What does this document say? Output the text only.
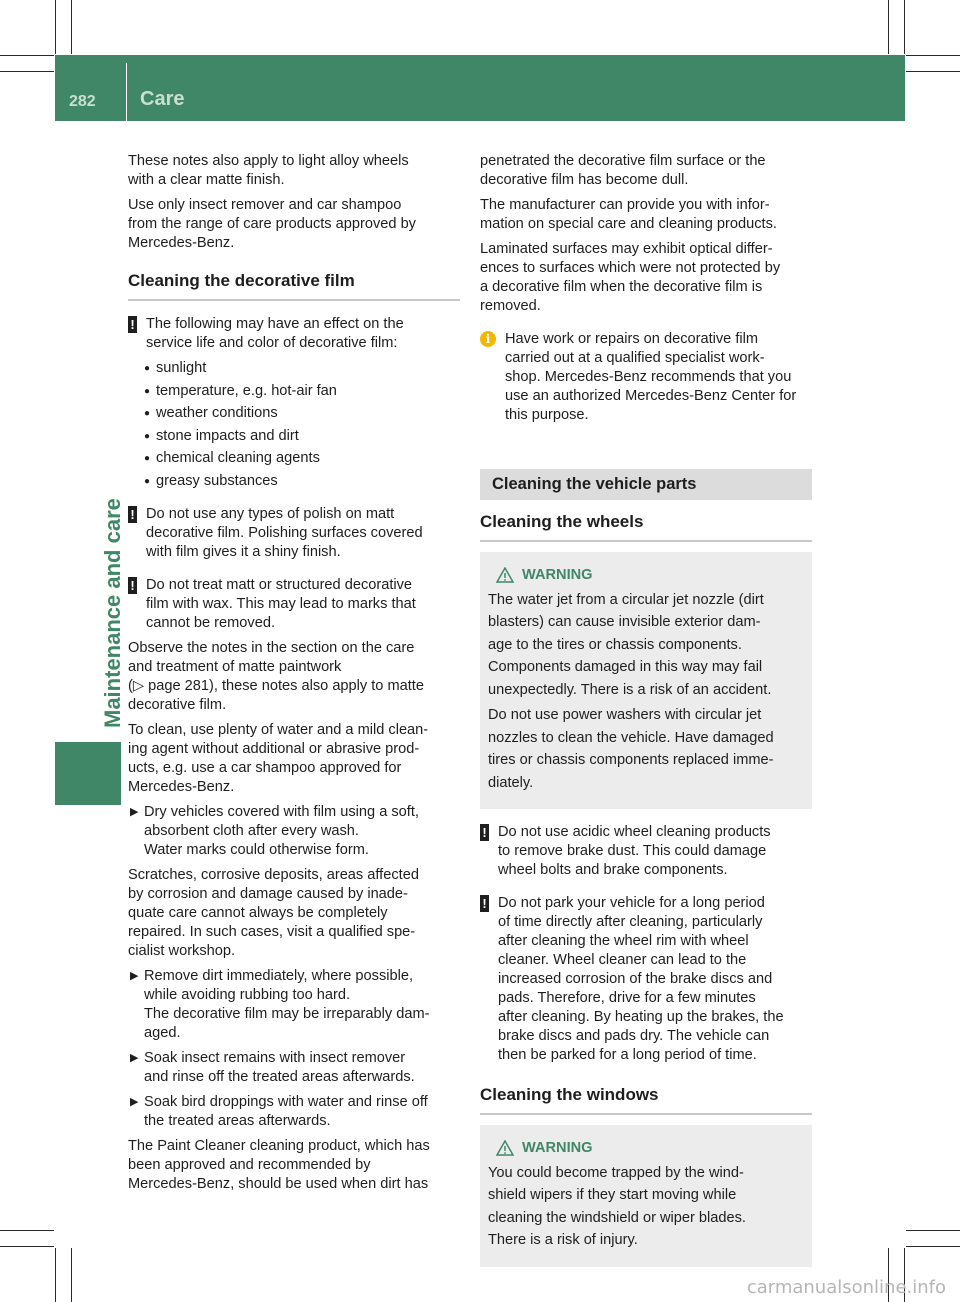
282 Care
Maintenance and care

These notes also apply to light alloy wheels
with a clear matte finish.

Use only insect remover and car shampoo
from the range of care products approved by
Mercedes-Benz.

Cleaning the decorative film
! The following may have an effect on the
service life and color of decorative film:
● sunlight
● temperature, e.g. hot-air fan
● weather conditions
● stone impacts and dirt
● chemical cleaning agents
● greasy substances
! Do not use any types of polish on matt
decorative film. Polishing surfaces covered
with film gives it a shiny finish.
! Do not treat matt or structured decorative
film with wax. This may lead to marks that
cannot be removed.

Observe the notes in the section on the care
and treatment of matte paintwork
(▷ page 281), these notes also apply to matte
decorative film.

To clean, use plenty of water and a mild clean-
ing agent without additional or abrasive prod-
ucts, e.g. use a car shampoo approved for
Mercedes-Benz.

▶ Dry vehicles covered with film using a soft,
absorbent cloth after every wash.
Water marks could otherwise form.

Scratches, corrosive deposits, areas affected
by corrosion and damage caused by inade-
quate care cannot always be completely
repaired. In such cases, visit a qualified spe-
cialist workshop.

▶ Remove dirt immediately, where possible,
while avoiding rubbing too hard.
The decorative film may be irreparably dam-
aged.
▶ Soak insect remains with insect remover
and rinse off the treated areas afterwards.
▶ Soak bird droppings with water and rinse off
the treated areas afterwards.

The Paint Cleaner cleaning product, which has
been approved and recommended by
Mercedes-Benz, should be used when dirt has

penetrated the decorative film surface or the
decorative film has become dull.

The manufacturer can provide you with infor-
mation on special care and cleaning products.

Laminated surfaces may exhibit optical differ-
ences to surfaces which were not protected by
a decorative film when the decorative film is
removed.

i	Have work or repairs on decorative film
carried out at a qualified specialist work-
shop. Mercedes-Benz recommends that you
use an authorized Mercedes-Benz Center for
this purpose.
Cleaning the vehicle parts
Cleaning the wheels
WARNING

The water jet from a circular jet nozzle (dirt
blasters) can cause invisible exterior dam-
age to the tires or chassis components.
Components damaged in this way may fail
unexpectedly. There is a risk of an accident.

Do not use power washers with circular jet
nozzles to clean the vehicle. Have damaged
tires or chassis components replaced imme-
diately.

! Do not use acidic wheel cleaning products
to remove brake dust. This could damage
wheel bolts and brake components.
! Do not park your vehicle for a long period
of time directly after cleaning, particularly
after cleaning the wheel rim with wheel
cleaner. Wheel cleaner can lead to the
increased corrosion of the brake discs and
pads. Therefore, drive for a few minutes
after cleaning. By heating up the brakes, the
brake discs and pads dry. The vehicle can
then be parked for a long period of time.
Cleaning the windows
WARNING

You could become trapped by the wind-
shield wipers if they start moving while
cleaning the windshield or wiper blades.
There is a risk of injury.

carmanualsonline.info
